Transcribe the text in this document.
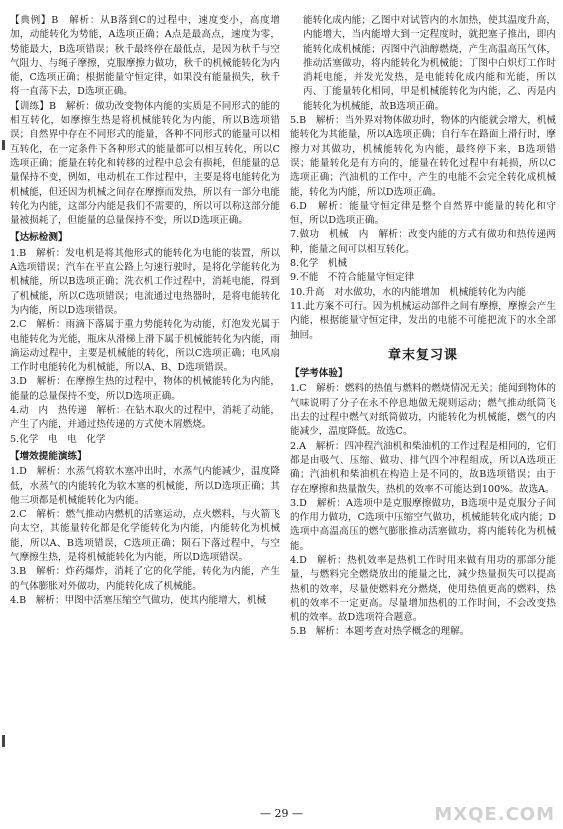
【典例】B　解析：从B落到C的过程中，速度变小，高度增加，动能转化为势能，A选项正确；A点是最高点，速度为零，势能最大，B选项错误；秋千最终停在最低点，是因为秋千与空气阻力、与绳子摩擦，克服摩擦力做功，秋千的机械能转化为内能，C选项正确；根据能量守恒定律，如果没有能量损失，秋千将一直荡下去，D选项正确。
【训练】B　解析：做功改变物体内能的实质是不同形式的能的相互转化，如摩擦生热是将机械能转化为内能，所以B选项错误；自然界中存在不同形式的能量，各种不同形式的能量可以相互转化，在一定条件下各种形式的能量都可以相互转化，所以C选项正确；能量在转化和转移的过程中总会有损耗，但能量的总量保持不变，例如，电动机在工作过程中，主要是将电能转化为机械能，但还因为机械之间存在摩擦而发热，所以有一部分电能转化为内能，这部分内能是我们不需要的，所以可以称这部分能量被损耗了，但能量的总量保持不变，所以D选项正确。
【达标检测】
1.B　解析：发电机是将其他形式的能转化为电能的装置，所以A选项错误；汽车在平直公路上匀速行驶时，是将化学能转化为机械能，所以B选项正确；洗衣机工作过程中，消耗电能，得到了机械能，所以C选项错误；电流通过电热器时，是将电能转化为内能，所以D选项错误。
2.C　解析：雨滴下落属于重力势能转化为动能，灯泡发光属于电能转化为光能，瓶床从滑梯上滑下属于机械能转化为内能，雨滴运动过程中，主要是机械能的转化，所以C选项正确；电风扇工作时电能转化为机械能，所以A、B、D选项错误。
3.D　解析：在摩擦生热的过程中，物体的机械能转化为内能，能量的总量保持不变，所以D选项正确。
4.动　内　热传递　解析：在钻木取火的过程中，消耗了动能，产生了内能，并通过热传递的方式使木屑燃烧。
5.化学　电　电　化学
【增效提能演练】
1.D　解析：水蒸气将软木塞冲出时，水蒸气内能减少，温度降低，水蒸气的内能转化为软木塞的机械能，所以D选项正确；其他三项都是机械能转化为内能。
2.C　解析：燃气推动内燃机的活塞运动，点火燃料，与火箭飞向太空，其能量转化都是化学能转化为内能，内能转化为机械能，所以A、B选项错误，C选项正确；陨石下落过程中，与空气摩擦生热，是将机械能转化为内能，所以D选项错误。
3.B　解析：炸药爆炸，消耗了它的化学能，转化为内能，产生的气体膨胀对外做功，内能转化成了机械能。
4.B　解析：甲图中活塞压缩空气做功，使其内能增大，机械
能转化成内能；乙图中对试管内的水加热，使其温度升高，内能增大，当内能增大到一定程度时，就把塞子推出，即内能转化成机械能；丙图中汽油醇燃烧，产生高温高压气体，推动活塞做功，将内能转化为机械能；丁图中白炽灯工作时消耗电能，并发光发热，是电能转化成内能和光能，所以丙、丁能量转化相同，甲是机械能转化为内能，乙、丙是内能转化为机械能，故B选项正确。
5.B　解析：当外界对物体做功时，物体的内能就会增大，机械能转化为其能量，所以A选项正确；自行车在路面上滑行时，摩擦力对其做功，机械能转化为内能，最终停下来，B选项错误；能量转化是有方向的，能量在转化过程中有耗损，所以C选项正确；汽油机的工作中，产生的电能不会完全转化成机械能，转化为内能，所以D选项正确。
6.D　解析：能量守恒定律是整个自然界中能量的转化和守恒，所以D选项正确。
7.做功　机械　内　解析：改变内能的方式有做功和热传递两种，能量之间可以相互转化。
8.化学　机械
9.不能　不符合能量守恒定律
10.升高　对水做功，水的内能增加　机械能转化为内能
11.此方案不可行。因为机械运动部件之间有摩擦，摩擦会产生内能，根据能量守恒定律，发出的电能不可能把流下的水全部抽回。
章末复习课
【学考体验】
1.C　解析：燃料的热值与燃料的燃烧情况无关；能闻到物体的气味说明了分子在永不停息地做无规则运动；燃气推动纸筒飞出去的过程中燃气对纸筒做功，内能转化为机械能，燃气的内能减少，温度降低。故选C。
2.A　解析：四冲程汽油机和柴油机的工作过程是相同的，它们都是由吸气、压缩、做功、排气四个冲程组成，所以A选项正确；汽油机和柴油机在构造上是不同的，故B选项错误；由于存在摩擦和热量散失，热机的效率不可能达到100%。故选A。
3.D　解析：A选项中是克服摩擦做功，B选项中是克服分子间的作用力做功，C选项中压缩空气做功，机械能转化成内能；D选项中高温高压的燃气膨胀推动活塞做功，将内能转化为机械能。
4.D　解析：热机效率是热机工作时用来做有用功的那部分能量，与燃料完全燃烧放出的能量之比，减少热量损失可以提高热机的效率，尽量使燃料充分燃烧，使用热值更高的燃料，热机的效率不一定更高。尽量增加热机的工作时间，不会改变热机的效率。故D选项符合题意。
5.B　解析：本题考查对热学概念的理解。
— 29 —	MXQE.COM
